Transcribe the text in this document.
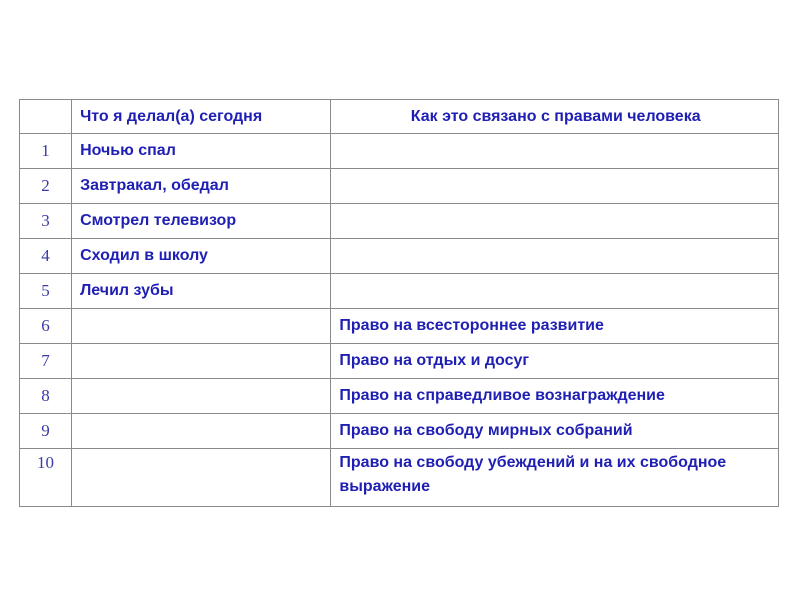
	Что я делал(а) сегодня	Как это связано с правами человека
1	Ночью спал	
2	Завтракал, обедал	
3	Смотрел телевизор	
4	Сходил в школу	
5	Лечил зубы	
6		Право на всестороннее развитие
7		Право на отдых и досуг
8		Право на справедливое вознаграждение
9		Право на свободу мирных собраний
10		Право на свободу убеждений и на их свободное выражение
